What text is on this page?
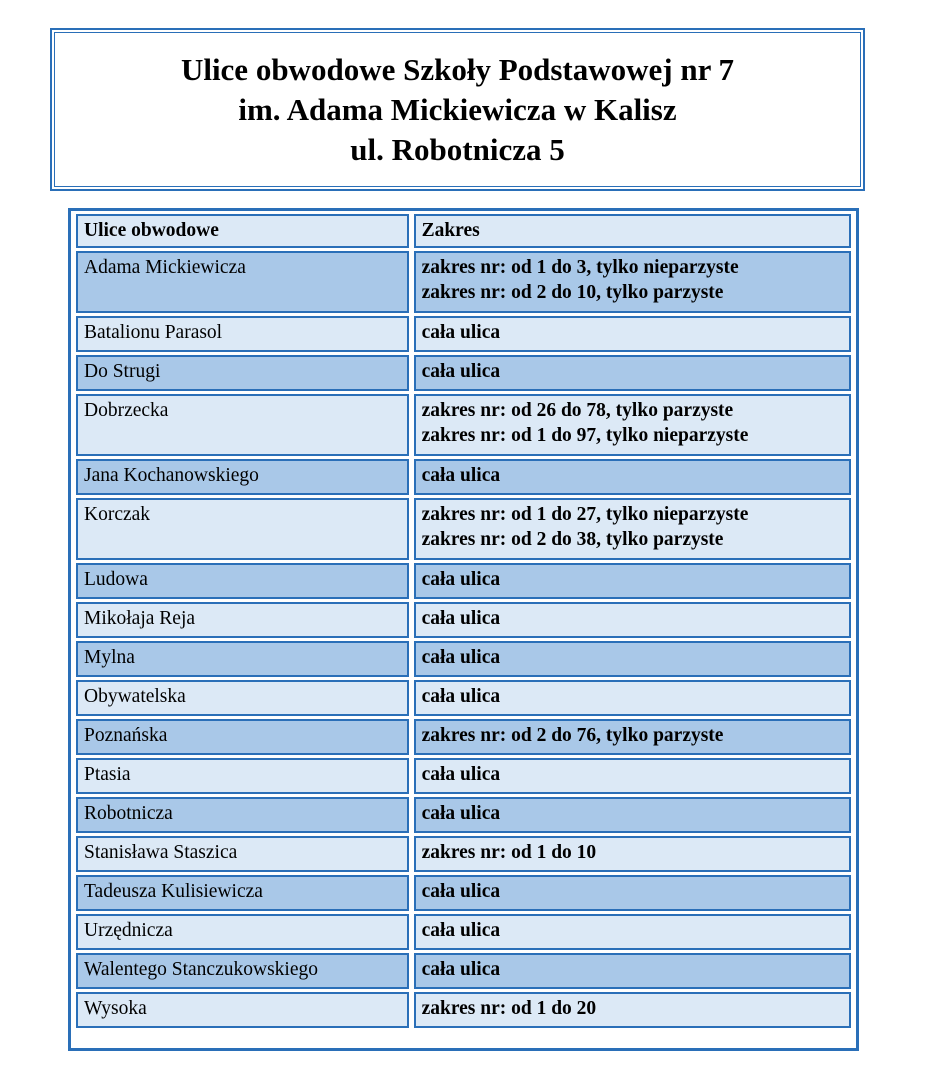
Ulice obwodowe Szkoły Podstawowej nr 7
im. Adama Mickiewicza w Kalisz
ul. Robotnicza 5
Ulice obwodowe	Zakres
Adama Mickiewicza	zakres nr: od 1 do 3, tylko nieparzyste
zakres nr: od 2 do 10, tylko parzyste
Batalionu Parasol	cała ulica
Do Strugi	cała ulica
Dobrzecka	zakres nr: od 26 do 78, tylko parzyste
zakres nr: od 1 do 97, tylko nieparzyste
Jana Kochanowskiego	cała ulica
Korczak	zakres nr: od 1 do 27, tylko nieparzyste
zakres nr: od 2 do 38, tylko parzyste
Ludowa	cała ulica
Mikołaja Reja	cała ulica
Mylna	cała ulica
Obywatelska	cała ulica
Poznańska	zakres nr: od 2 do 76, tylko parzyste
Ptasia	cała ulica
Robotnicza	cała ulica
Stanisława Staszica	zakres nr: od 1 do 10
Tadeusza Kulisiewicza	cała ulica
Urzędnicza	cała ulica
Walentego Stanczukowskiego	cała ulica
Wysoka	zakres nr: od 1 do 20
